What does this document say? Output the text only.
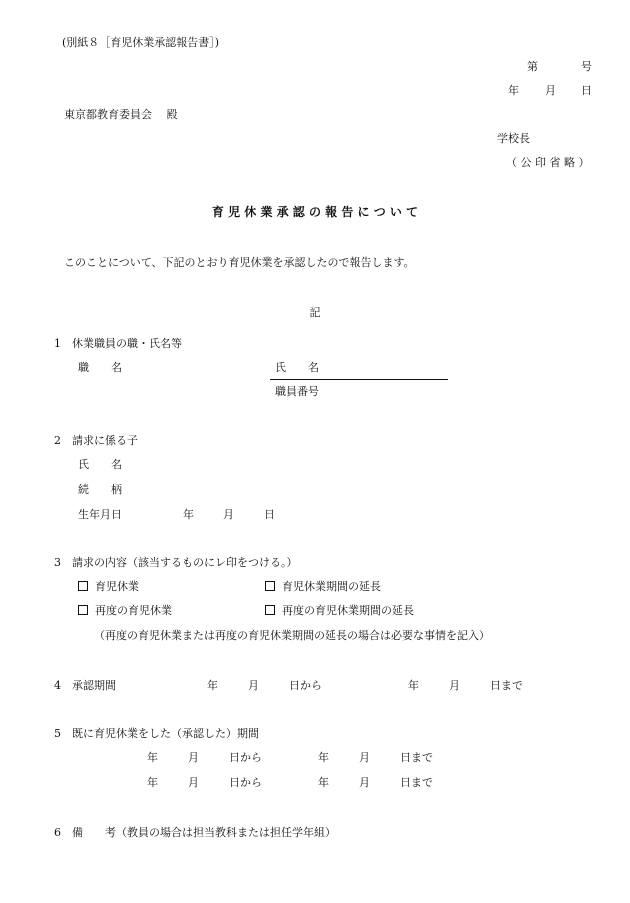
(別紙８［育児休業承認報告書］)
第	号
年 月 日
東京都教育委員会　 殿
学校長
（ 公 印 省 略 ）
育 児 休 業 承 認 の 報 告 に つ い て
このことについて、下記のとおり育児休業を承認したので報告します。
記
1　休業職員の職・氏名等
職　　名	氏　　名
職員番号
2　請求に係る子
氏　　名
続　　柄
生年月日	年	月	日
3　請求の内容（該当するものにレ印をつける。）
育児休業	育児休業期間の延長
再度の育児休業	再度の育児休業期間の延長
（再度の育児休業または再度の育児休業期間の延長の場合は必要な事情を記入）
4　承認期間	年	月	日から	年	月	日まで
5　既に育児休業をした（承認した）期間
年	月	日から	年	月	日まで
年	月	日から	年	月	日まで
6　備　　考（教員の場合は担当教科または担任学年組）
